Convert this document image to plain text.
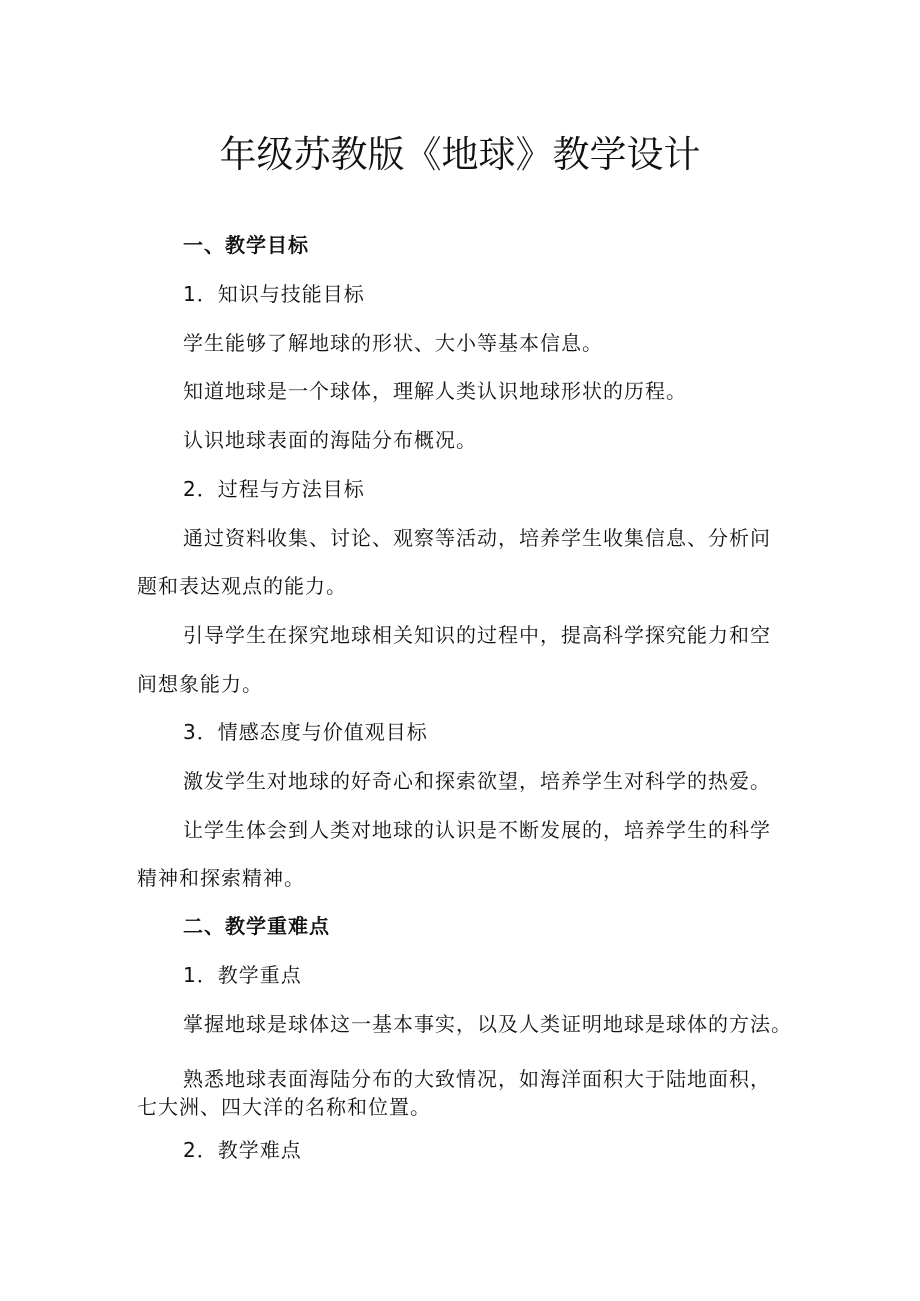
年级苏教版《地球》教学设计
一、教学目标
1．知识与技能目标
学生能够了解地球的形状、大小等基本信息。
知道地球是一个球体，理解人类认识地球形状的历程。
认识地球表面的海陆分布概况。
2．过程与方法目标
通过资料收集、讨论、观察等活动，培养学生收集信息、分析问
题和表达观点的能力。
引导学生在探究地球相关知识的过程中，提高科学探究能力和空
间想象能力。
3．情感态度与价值观目标
激发学生对地球的好奇心和探索欲望，培养学生对科学的热爱。
让学生体会到人类对地球的认识是不断发展的，培养学生的科学
精神和探索精神。
二、教学重难点
1．教学重点
掌握地球是球体这一基本事实，以及人类证明地球是球体的方法。
熟悉地球表面海陆分布的大致情况，如海洋面积大于陆地面积，
七大洲、四大洋的名称和位置。
2．教学难点
